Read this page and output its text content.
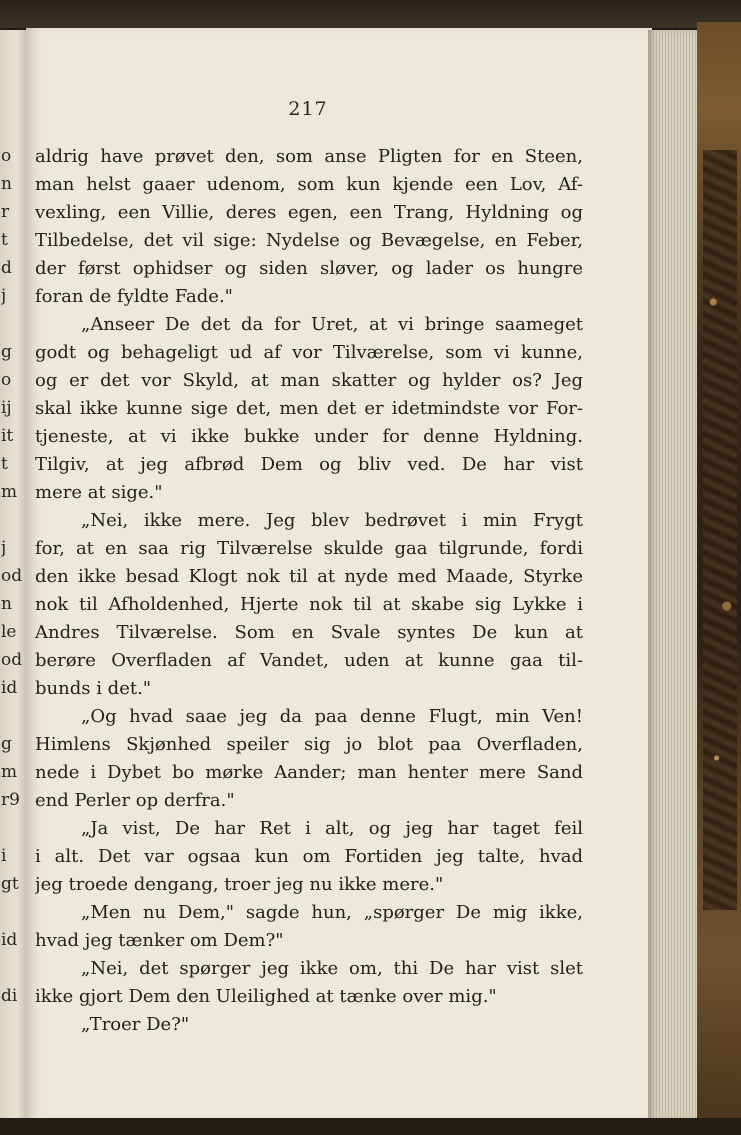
o
n
r
t
d
j
g
o
ij
it
t
m
j
od
n
le
od
id
g
m
r9
i
gt
id
di
217
aldrig have prøvet den, som anse Pligten for en Steen,
man helst gaaer udenom, som kun kjende een Lov, Af-
vexling, een Villie, deres egen, een Trang, Hyldning og
Tilbedelse, det vil sige: Nydelse og Bevægelse, en Feber,
der først ophidser og siden sløver, og lader os hungre
foran de fyldte Fade."
„Anseer De det da for Uret, at vi bringe saameget
godt og behageligt ud af vor Tilværelse, som vi kunne,
og er det vor Skyld, at man skatter og hylder os? Jeg
skal ikke kunne sige det, men det er idetmindste vor For-
tjeneste, at vi ikke bukke under for denne Hyldning.
Tilgiv, at jeg afbrød Dem og bliv ved. De har vist
mere at sige."
„Nei, ikke mere. Jeg blev bedrøvet i min Frygt
for, at en saa rig Tilværelse skulde gaa tilgrunde, fordi
den ikke besad Klogt nok til at nyde med Maade, Styrke
nok til Afholdenhed, Hjerte nok til at skabe sig Lykke i
Andres Tilværelse. Som en Svale syntes De kun at
berøre Overfladen af Vandet, uden at kunne gaa til-
bunds i det."
„Og hvad saae jeg da paa denne Flugt, min Ven!
Himlens Skjønhed speiler sig jo blot paa Overfladen,
nede i Dybet bo mørke Aander; man henter mere Sand
end Perler op derfra."
„Ja vist, De har Ret i alt, og jeg har taget feil
i alt. Det var ogsaa kun om Fortiden jeg talte, hvad
jeg troede dengang, troer jeg nu ikke mere."
„Men nu Dem," sagde hun, „spørger De mig ikke,
hvad jeg tænker om Dem?"
„Nei, det spørger jeg ikke om, thi De har vist slet
ikke gjort Dem den Uleilighed at tænke over mig."
„Troer De?"
